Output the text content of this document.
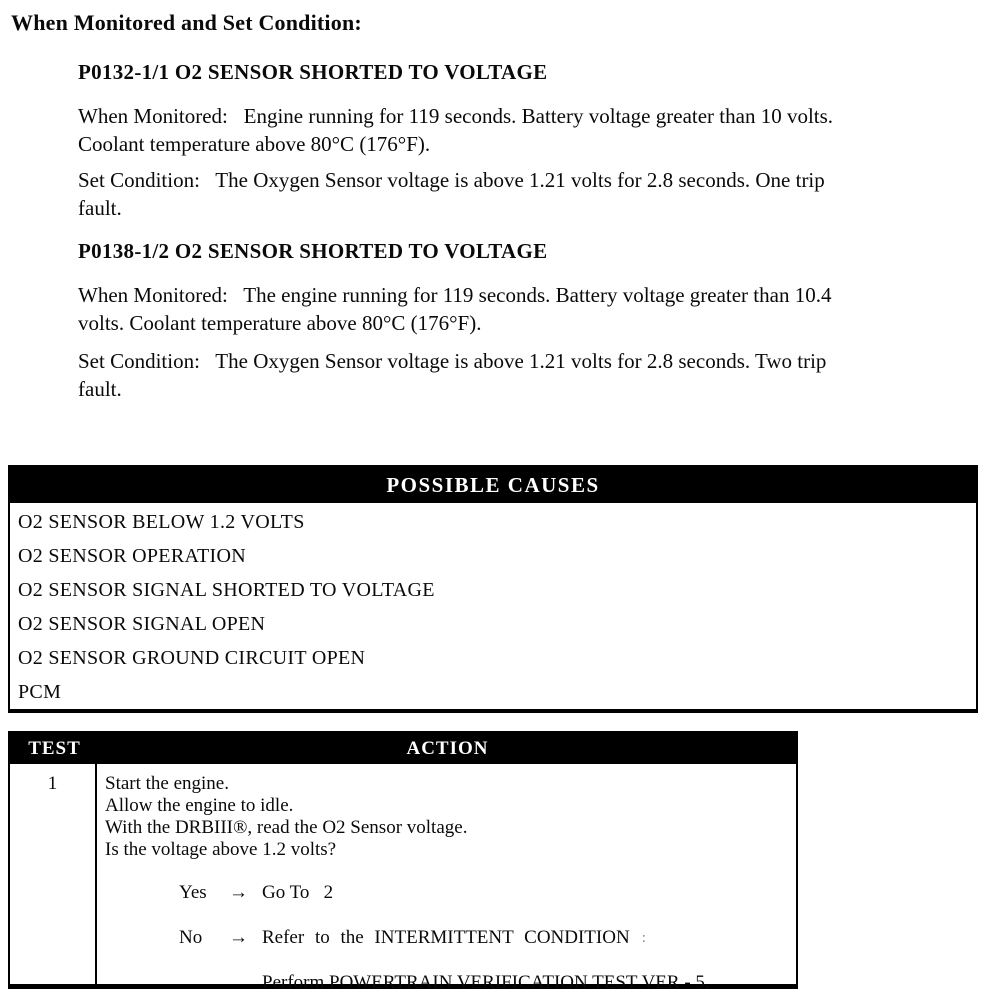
When Monitored and Set Condition:
P0132-1/1 O2 SENSOR SHORTED TO VOLTAGE
When Monitored:   Engine running for 119 seconds. Battery voltage greater than 10 volts.
Coolant temperature above 80°C (176°F).
Set Condition:   The Oxygen Sensor voltage is above 1.21 volts for 2.8 seconds. One trip
fault.
P0138-1/2 O2 SENSOR SHORTED TO VOLTAGE
When Monitored:   The engine running for 119 seconds. Battery voltage greater than 10.4
volts. Coolant temperature above 80°C (176°F).
Set Condition:   The Oxygen Sensor voltage is above 1.21 volts for 2.8 seconds. Two trip
fault.
POSSIBLE CAUSES
O2 SENSOR BELOW 1.2 VOLTS
O2 SENSOR OPERATION
O2 SENSOR SIGNAL SHORTED TO VOLTAGE
O2 SENSOR SIGNAL OPEN
O2 SENSOR GROUND CIRCUIT OPEN
PCM
TEST	ACTION
1	Start the engine.
Allow the engine to idle.
With the DRBIII®, read the O2 Sensor voltage.
Is the voltage above 1.2 volts?
Yes	→ Go To   2
No	→ Refer to the INTERMITTENT CONDITION :
Perform POWERTRAIN VERIFICATION TEST VER - 5.
